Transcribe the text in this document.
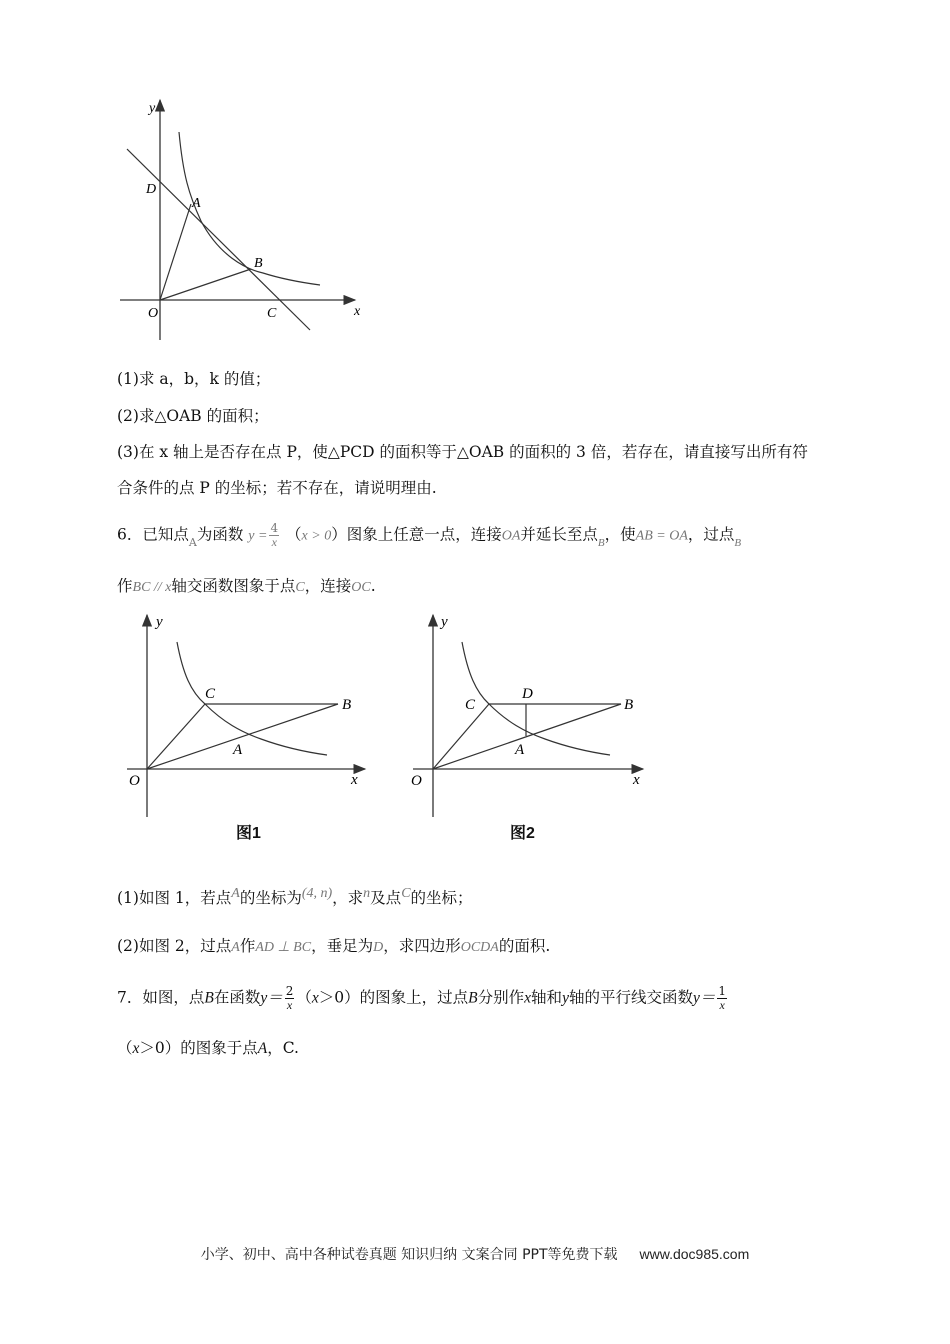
y
x
O
D
A
B
C
(1)求 a，b，k 的值；
(2)求△OAB 的面积；
(3)在 x 轴上是否存在点 P，使△PCD 的面积等于△OAB 的面积的 3 倍，若存在，请直接写出所有符
合条件的点 P 的坐标；若不存在，请说明理由.
6．已知点$_A$为函数 $y = \frac{4}{x} (x > 0)$图象上任意一点，连接OA并延长至点$_B$，使AB = OA，过点$_B$
作BC // x轴交函数图象于点C，连接OC.
y
x
O
C
A
B
图1
y
x
O
C
D
A
B
图2
(1)如图 1，若点A的坐标为(4, n)，求n及点C的坐标；
(2)如图 2，过点A作AD ⊥ BC，垂足为D，求四边形OCDA的面积.
7．如图，点B在函数$y= \frac{2}{x} (x>0)$的图象上，过点B分别作x轴和y轴的平行线交函数$y= \frac{1}{x}$
（x＞0）的图象于点A，C.
小学、初中、高中各种试卷真题 知识归纳 文案合同 PPT等免费下载 www.doc985.com
